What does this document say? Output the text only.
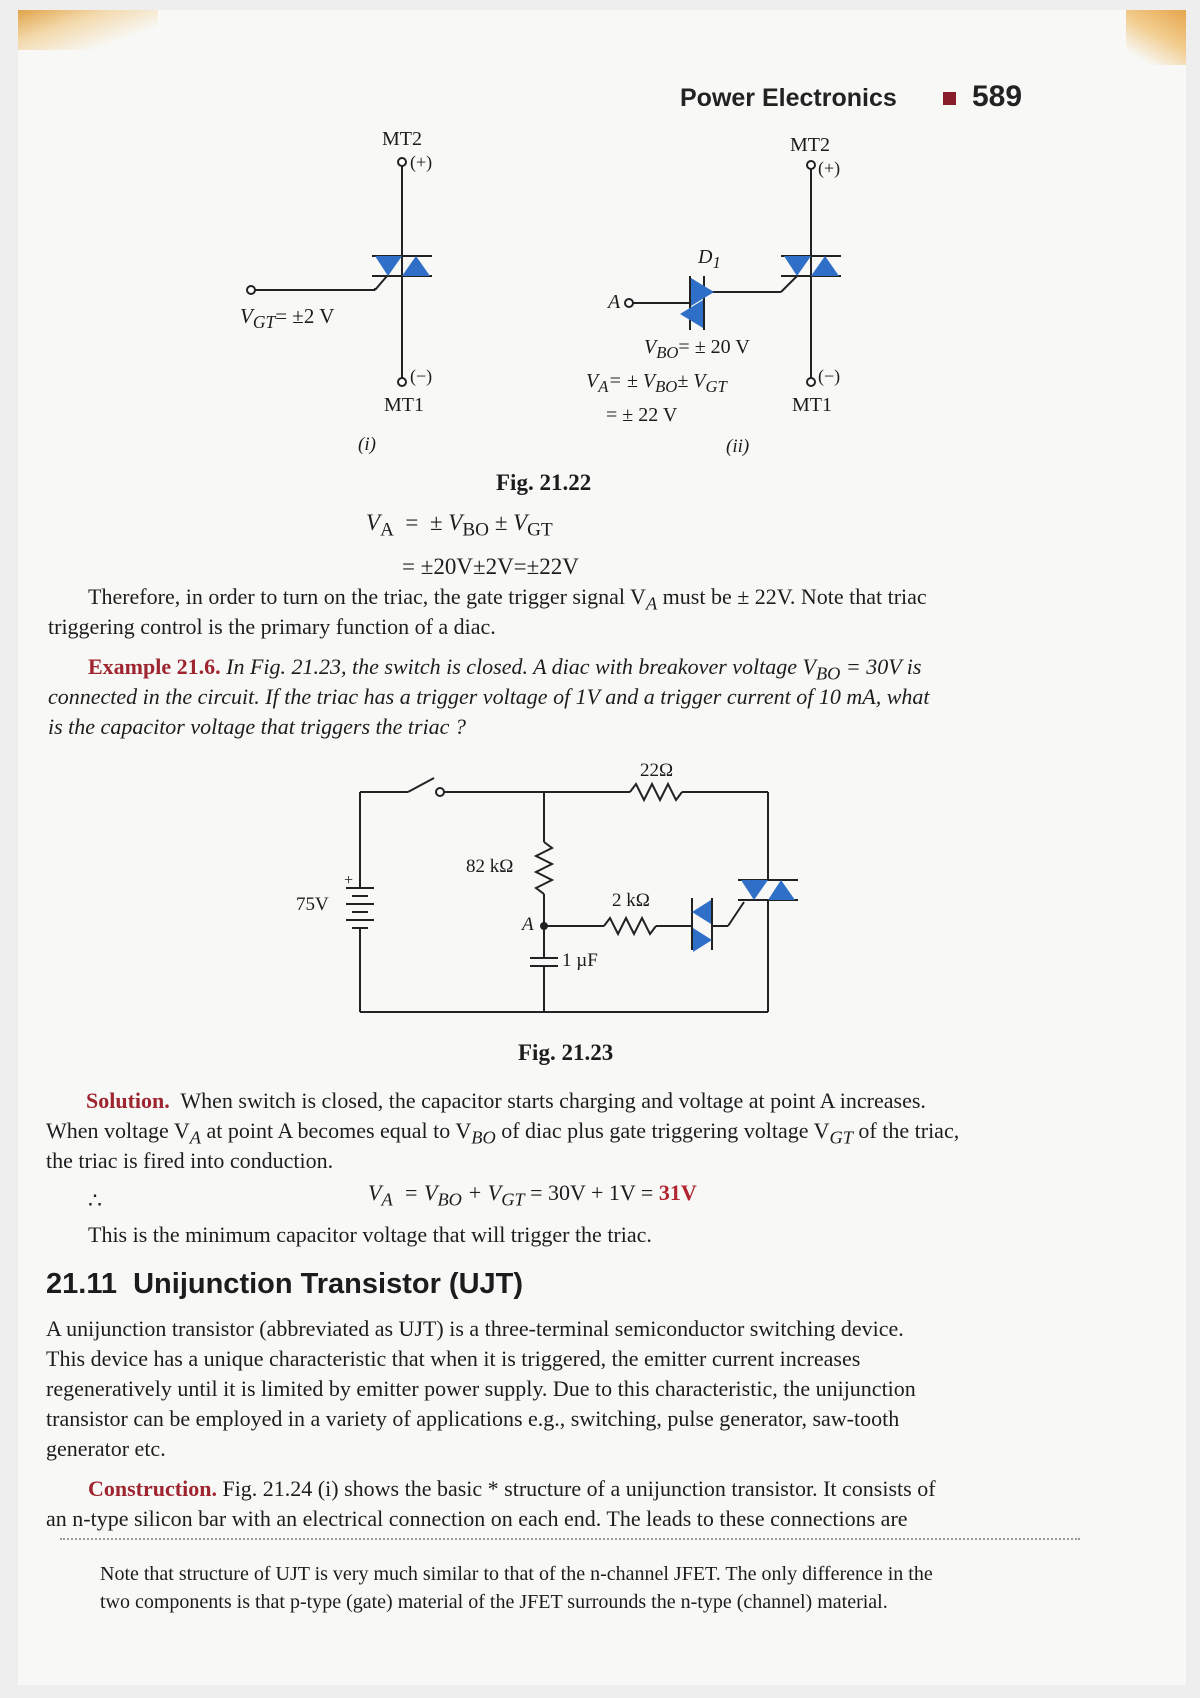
Power Electronics	589
MT2
(+)
$V_{GT}= \pm 2$ V
(−)
MT1
(i)
MT2
(+)
$D_1$
A
$V_{BO}= \pm 20$ V
$V_A= \pm V_{BO}\pm V_{GT}$
= ± 22 V
(−)
MT1
(ii)
Fig. 21.22
$V_A$ = ± $V_{BO} \pm V_{GT}$
= ±20V±2V=±22V
Therefore, in order to turn on the triac, the gate trigger signal $V_A$ must be ± 22V. Note that triac
triggering control is the primary function of a diac.
Example 21.6. In Fig. 21.23, the switch is closed. A diac with breakover voltage $V_{BO} = 30V$ is
connected in the circuit. If the triac has a trigger voltage of 1V and a trigger current of 10 mA, what
is the capacitor voltage that triggers the triac ?
22Ω
82 kΩ
+
75V	2 kΩ
A
1 µF
Fig. 21.23
Solution. When switch is closed, the capacitor starts charging and voltage at point A increases.
When voltage $V_A$ at point A becomes equal to $V_{BO}$ of diac plus gate triggering voltage $V_{GT}$ of the triac,
the triac is fired into conduction.
∴	$V_A = V_{BO} + V_{GT} = 30V + 1V = 31V$
This is the minimum capacitor voltage that will trigger the triac.
21.11 Unijunction Transistor (UJT)
A unijunction transistor (abbreviated as UJT) is a three-terminal semiconductor switching device.
This device has a unique characteristic that when it is triggered, the emitter current increases
regeneratively until it is limited by emitter power supply. Due to this characteristic, the unijunction
transistor can be employed in a variety of applications e.g., switching, pulse generator, saw-tooth
generator etc.
Construction. Fig. 21.24 (i) shows the basic * structure of a unijunction transistor. It consists of
an n-type silicon bar with an electrical connection on each end. The leads to these connections are
Note that structure of UJT is very much similar to that of the n-channel JFET. The only difference in the
two components is that p-type (gate) material of the JFET surrounds the n-type (channel) material.
